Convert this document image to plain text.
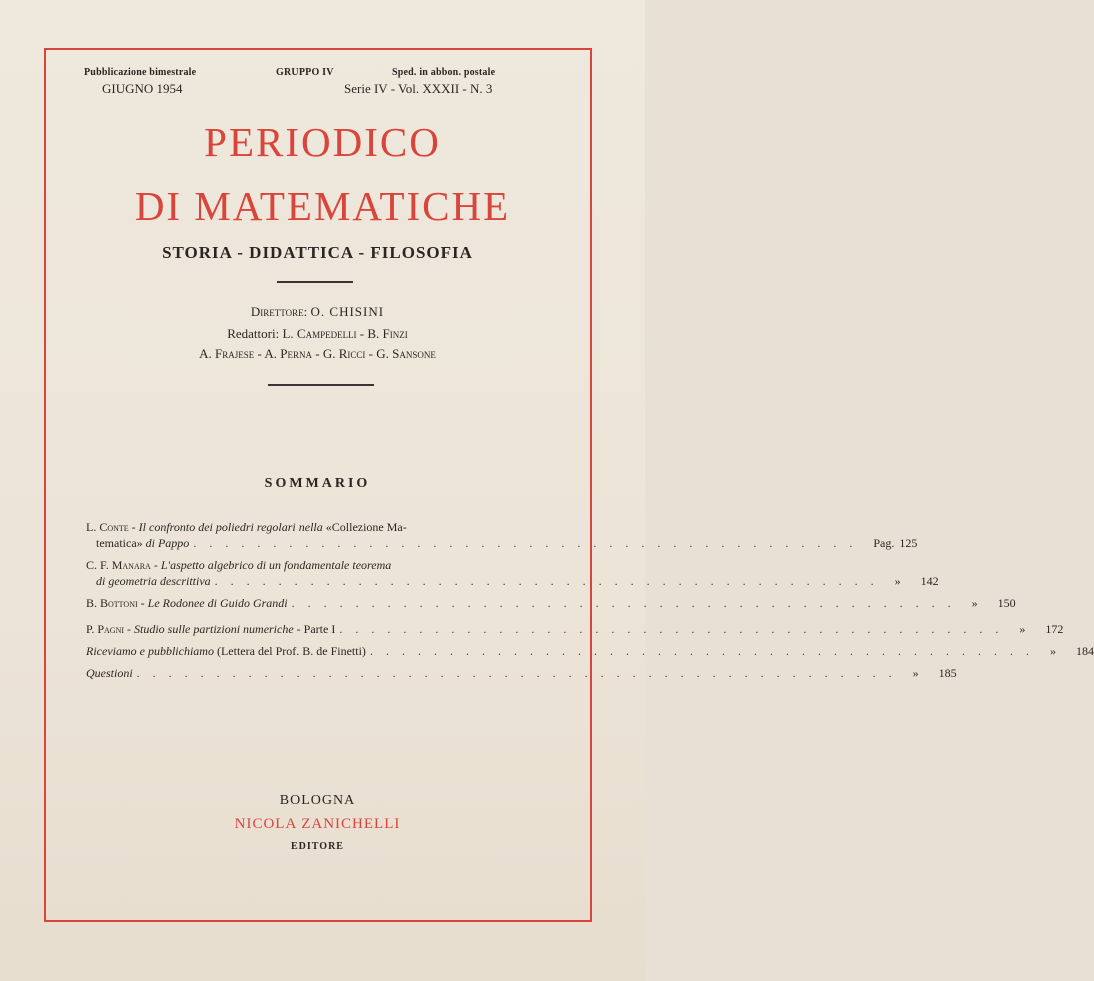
Pubblicazione bimestrale
GIUGNO 1954
GRUPPO IV	Sped. in abbon. postale
Serie IV - Vol. XXXII - N. 3
PERIODICO
DI MATEMATICHE
STORIA - DIDATTICA - FILOSOFIA
Direttore: O. CHISINI
Redattori: L. Campedelli - B. Finzi
A. Frajese - A. Perna - G. Ricci - G. Sansone
SOMMARIO
L. Conte - Il confronto dei poliedri regolari nella «Collezione Ma-
tematica»
di Pappo . . . . . . . . . . . . . . . . . . . . . . . . . . . . . . . . . . . . . . . . . .	Pag. 125
C. F. Manara - L'aspetto algebrico di un fondamentale teorema
di geometria descrittiva . . . . . . . . . . . . . . . . . . . . . . . . . . . . . . . . . . . . . . . . . .	» 142
B. Bottoni -
Le Rodonee di Guido Grandi . . . . . . . . . . . . . . . . . . . . . . . . . . . . . . . . . . . . . . . . . .	» 150
P. Pagni -
Studio sulle partizioni numeriche
- Parte I . . . . . . . . . . . . . . . . . . . . . . . . . . . . . . . . . . . . . . . . . .	» 172
Riceviamo e pubblichiamo
(Lettera del Prof. B. de Finetti) . . . . . . . . . . . . . . . . . . . . . . . . . . . . . . . . . . . . . . . . . .	» 184
Questioni . . . . . . . . . . . . . . . . . . . . . . . . . . . . . . . . . . . . . . . . . . . . . . . .	» 185
BOLOGNA
NICOLA ZANICHELLI
EDITORE
